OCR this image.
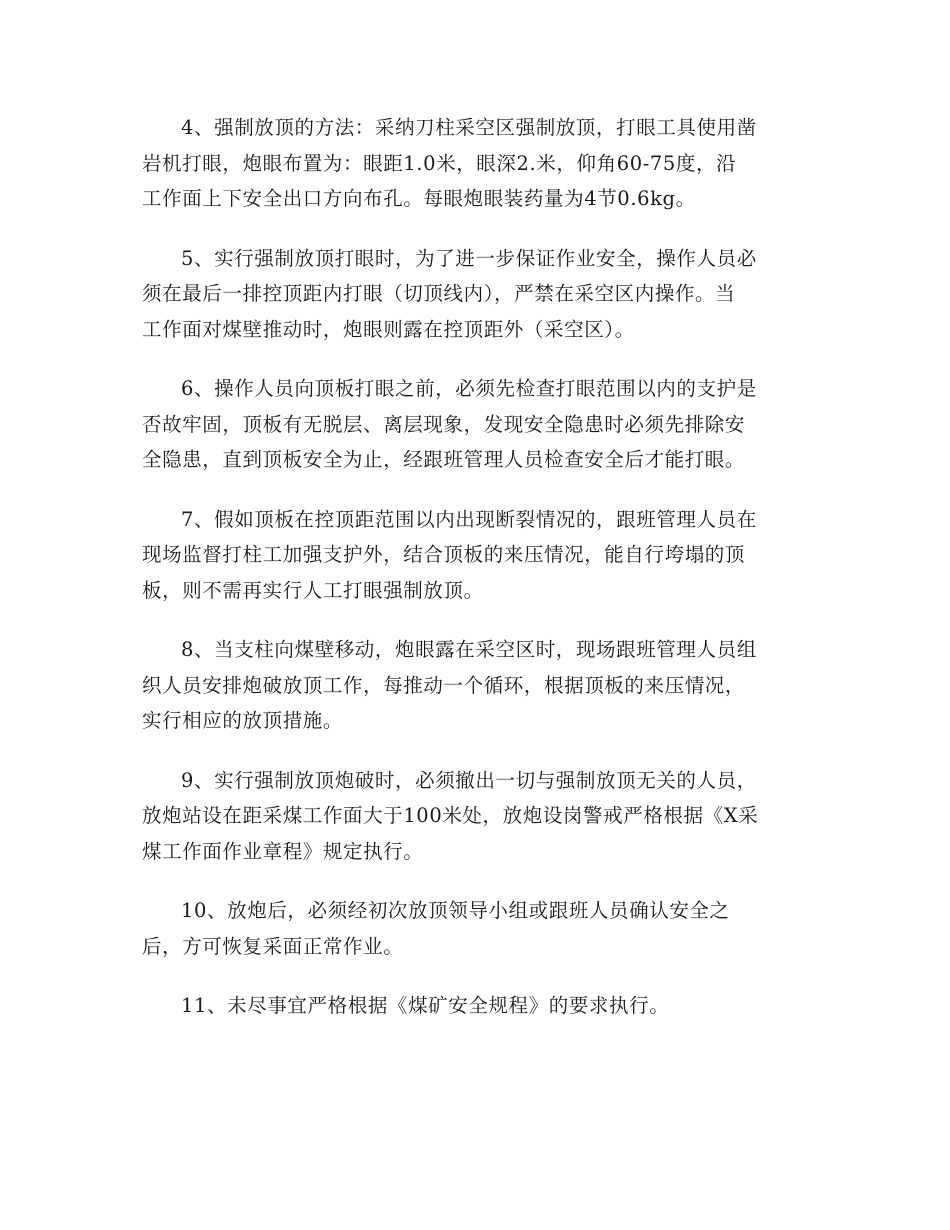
4、强制放顶的方法：采纳刀柱采空区强制放顶，打眼工具使用凿
岩机打眼，炮眼布置为：眼距1.0米，眼深2.米，仰角60-75度，沿
工作面上下安全出口方向布孔。每眼炮眼装药量为4节0.6kg。

5、实行强制放顶打眼时，为了进一步保证作业安全，操作人员必
须在最后一排控顶距内打眼（切顶线内），严禁在采空区内操作。当
工作面对煤壁推动时，炮眼则露在控顶距外（采空区）。

6、操作人员向顶板打眼之前，必须先检查打眼范围以内的支护是
否故牢固，顶板有无脱层、离层现象，发现安全隐患时必须先排除安
全隐患，直到顶板安全为止，经跟班管理人员检查安全后才能打眼。

7、假如顶板在控顶距范围以内出现断裂情况的，跟班管理人员在
现场监督打柱工加强支护外，结合顶板的来压情况，能自行垮塌的顶
板，则不需再实行人工打眼强制放顶。

8、当支柱向煤壁移动，炮眼露在采空区时，现场跟班管理人员组
织人员安排炮破放顶工作，每推动一个循环，根据顶板的来压情况，
实行相应的放顶措施。

9、实行强制放顶炮破时，必须撤出一切与强制放顶无关的人员，
放炮站设在距采煤工作面大于100米处，放炮设岗警戒严格根据《X采
煤工作面作业章程》规定执行。

10、放炮后，必须经初次放顶领导小组或跟班人员确认安全之
后，方可恢复采面正常作业。

11、未尽事宜严格根据《煤矿安全规程》的要求执行。
